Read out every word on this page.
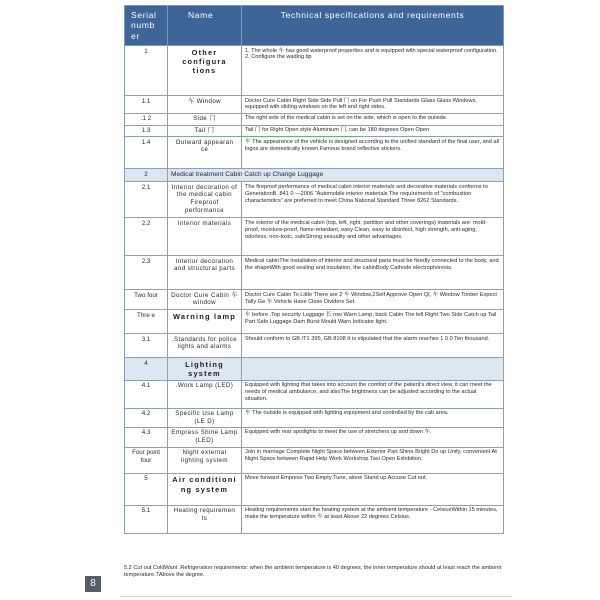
Serial numb er	Name	Technical specifications and requirements
1	Other configura tions	1. The whole 车 has good waterproof properties and is equipped with special waterproof configuration.
2. Configure the wading tip
1.1	车 Window	Doctor Cure Cabin Right Side Side Pull 门 on For Push Pull Standards Glass Glass Windows, equipped with sliding windows on the left and right sides.
.1 2	Side 门	The right side of the medical cabin is set on the side, which is open to the outside.
1.3	Tail 门	Tail 门 for Right Open style Aluminium 门, can be 180 degrees Open Open
1.4	Outward appearan ce	车 The appearance of the vehicle is designed according to the unified standard of the final user, and all logos are domestically known.Famous brand reflective stickers.
2	Medical treatment Cabin Catch up Change Luggage	
2.1	Interior decoration of the medical cabin Fireproof performance	The fireproof performance of medical cabin interior materials and decorative materials conforms to GenerationB. 841 0 —2006 "Automobile interior materials The requirements of "combustion characteristics" are preferred to meet China National Standard Three 8262 Standards.
2.2	Interior materials	The interior of the medical cabin (top, left, right, partition and other coverings) materials are: mold-proof, moisture-proof, flame-retardant, easy Clean, easy to disinfect, high strength, anti-aging, odorless, non-toxic, safeStrong sexuality and other advantages.
2.3	Interior decoration and structural parts	Medical cabinThe installation of interior and structural parts must be fixedly connected to the body, and the shapeWith good sealing and insulation, the cabinBody Cathode electrophoresis.
Two four	Doctor Cure Cabin 车 window	Doctor Cure Cabin To Little There are 2 车 Window,2Self Approve Open Ql, 车 Window Timber Expect Tally Ge 车 Vehicle Have Close Dividers Set.
Thre e	Warning lamp	车 before .Top security Luggage 长 row Warn Lamp, back Cabin The left Right Two Side Catch up Tail Part Safe Luggage Dam Burst Mould Warn Indicator light.
3.1	.Standards for police lights and alarms	Should conform to GB /T1 395, GB 8108 It is stipulated that the alarm reaches 1 0 0 Ten thousand.
4	Lighting system	
4.1	.Work Lamp (LED)	Equipped with lighting that takes into account the comfort of the patient's direct view, it can meet the needs of medical ambulance, and alsoThe brightness can be adjusted according to the actual situation.
4.2	Specific Use Lamp (LE D)	车 The outside is equipped with lighting equipment and controlled by the cab area.
4.3	Empress Shine Lamp (LED)	Equipped with rear spotlights to meet the use of stretchers up and down 车.
Four point four	Night external lighting system	Join in marriage Complete Night Space between Exterior Part Shine Bright Do up Unify, convenient At Night Space between Rapid Help Work Workshop Taxi Open Exhibition.
5	Air conditioni ng system	Move forward Empress Two Empty Tune, alone Stand up Accuse Cut out.
5.1	Heating requiremen ts	Heating requirements start the heating system at the ambient temperature - CelsiusWithin 15 minutes, make the temperature within 车 at least Above 22 degrees Celsius.
5.2 Cut out ColdWant .Refrigeration requirements: when the ambient temperature is 40 degrees, the inner temperature should at least reach the ambient temperature.7Above the degree.
8
